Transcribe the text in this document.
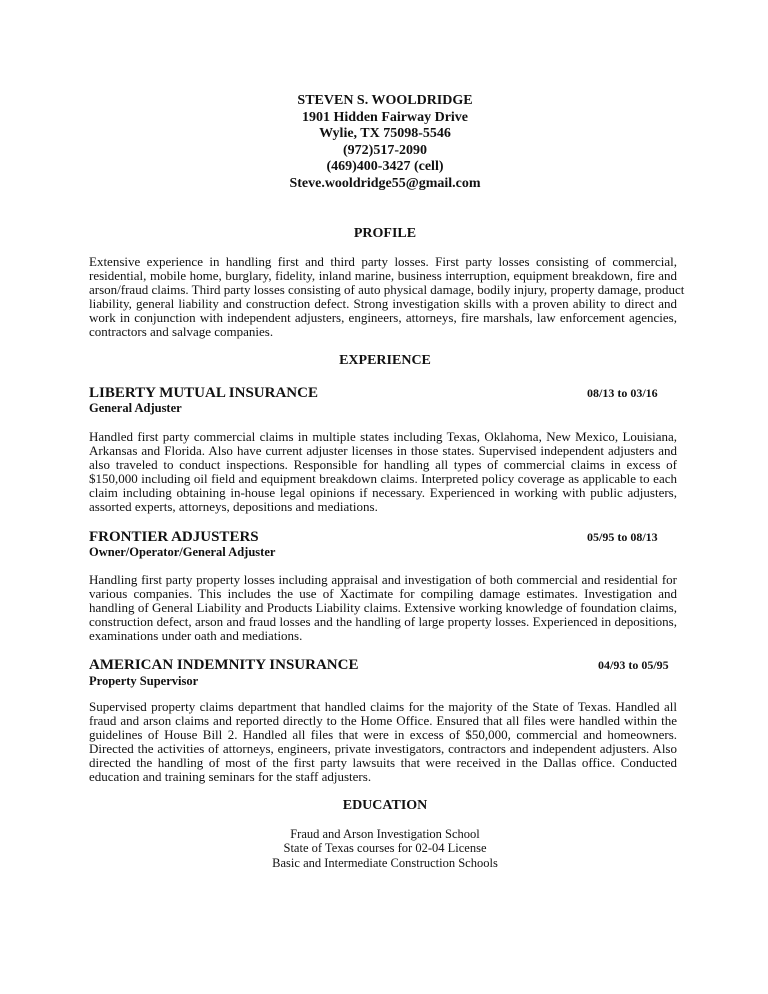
STEVEN S. WOOLDRIDGE
1901 Hidden Fairway Drive
Wylie, TX 75098-5546
(972)517-2090
(469)400-3427 (cell)
Steve.wooldridge55@gmail.com
PROFILE
Extensive experience in handling first and third party losses. First party losses consisting of commercial,
residential, mobile home, burglary, fidelity, inland marine, business interruption, equipment breakdown, fire and
arson/fraud claims. Third party losses consisting of auto physical damage, bodily injury, property damage, product
liability, general liability and construction defect. Strong investigation skills with a proven ability to direct and
work in conjunction with independent adjusters, engineers, attorneys, fire marshals, law enforcement agencies,
contractors and salvage companies.
EXPERIENCE
LIBERTY MUTUAL INSURANCE	08/13 to 03/16
General Adjuster
Handled first party commercial claims in multiple states including Texas, Oklahoma, New Mexico, Louisiana,
Arkansas and Florida. Also have current adjuster licenses in those states. Supervised independent adjusters and
also traveled to conduct inspections. Responsible for handling all types of commercial claims in excess of
$150,000 including oil field and equipment breakdown claims. Interpreted policy coverage as applicable to each
claim including obtaining in-house legal opinions if necessary. Experienced in working with public adjusters,
assorted experts, attorneys, depositions and mediations.
FRONTIER ADJUSTERS	05/95 to 08/13
Owner/Operator/General Adjuster
Handling first party property losses including appraisal and investigation of both commercial and residential for
various companies. This includes the use of Xactimate for compiling damage estimates. Investigation and
handling of General Liability and Products Liability claims. Extensive working knowledge of foundation claims,
construction defect, arson and fraud losses and the handling of large property losses. Experienced in depositions,
examinations under oath and mediations.
AMERICAN INDEMNITY INSURANCE	04/93 to 05/95
Property Supervisor
Supervised property claims department that handled claims for the majority of the State of Texas. Handled all
fraud and arson claims and reported directly to the Home Office. Ensured that all files were handled within the
guidelines of House Bill 2. Handled all files that were in excess of $50,000, commercial and homeowners.
Directed the activities of attorneys, engineers, private investigators, contractors and independent adjusters. Also
directed the handling of most of the first party lawsuits that were received in the Dallas office. Conducted
education and training seminars for the staff adjusters.
EDUCATION
Fraud and Arson Investigation School
State of Texas courses for 02-04 License
Basic and Intermediate Construction Schools
